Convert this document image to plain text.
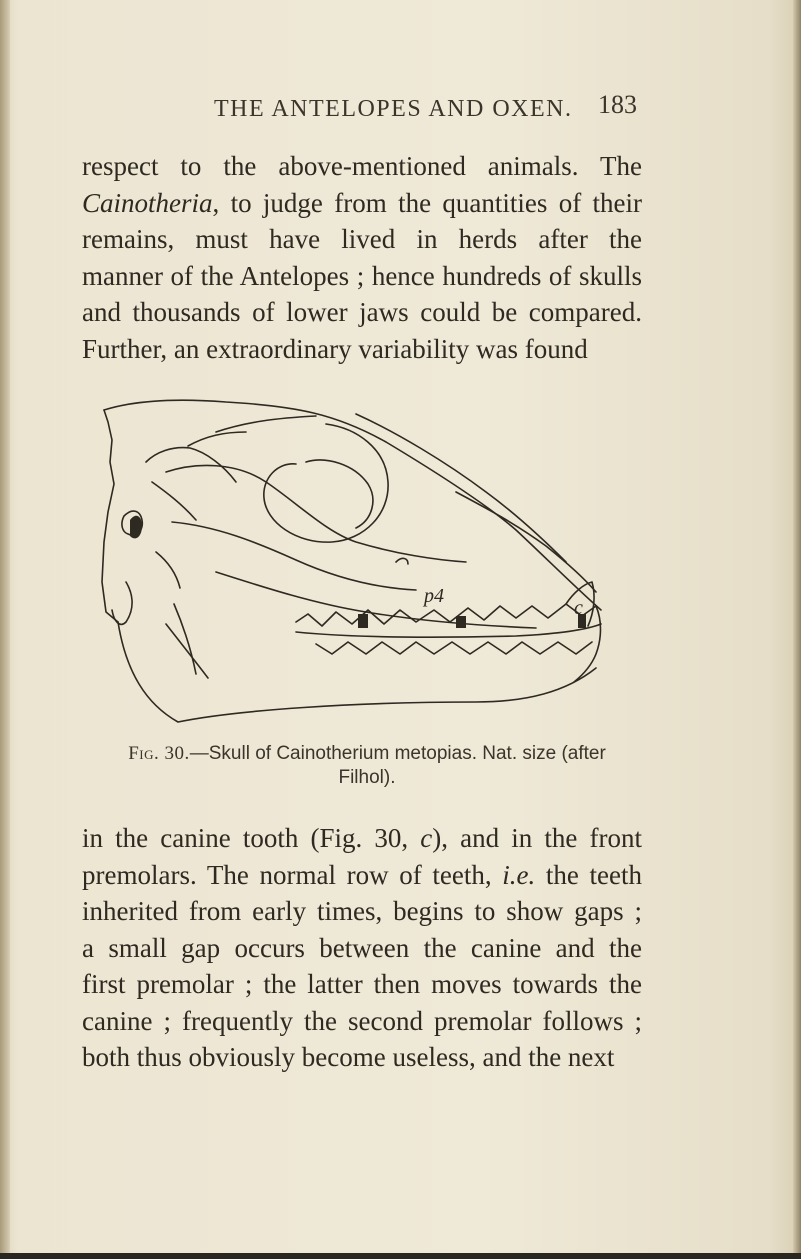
THE ANTELOPES AND OXEN. 183
respect to the above-mentioned animals. The
Cainotheria, to judge from the quantities of their
remains, must have lived in herds after the
manner of the Antelopes ; hence hundreds of skulls
and thousands of lower jaws could be compared.
Further, an extraordinary variability was found
p4
c
Fig. 30.—Skull of Cainotherium metopias. Nat. size (after
Filhol).
in the canine tooth (Fig. 30, c), and in the front
premolars. The normal row of teeth, i.e. the teeth
inherited from early times, begins to show gaps ;
a small gap occurs between the canine and the
first premolar ; the latter then moves towards the
canine ; frequently the second premolar follows ;
both thus obviously become useless, and the next
